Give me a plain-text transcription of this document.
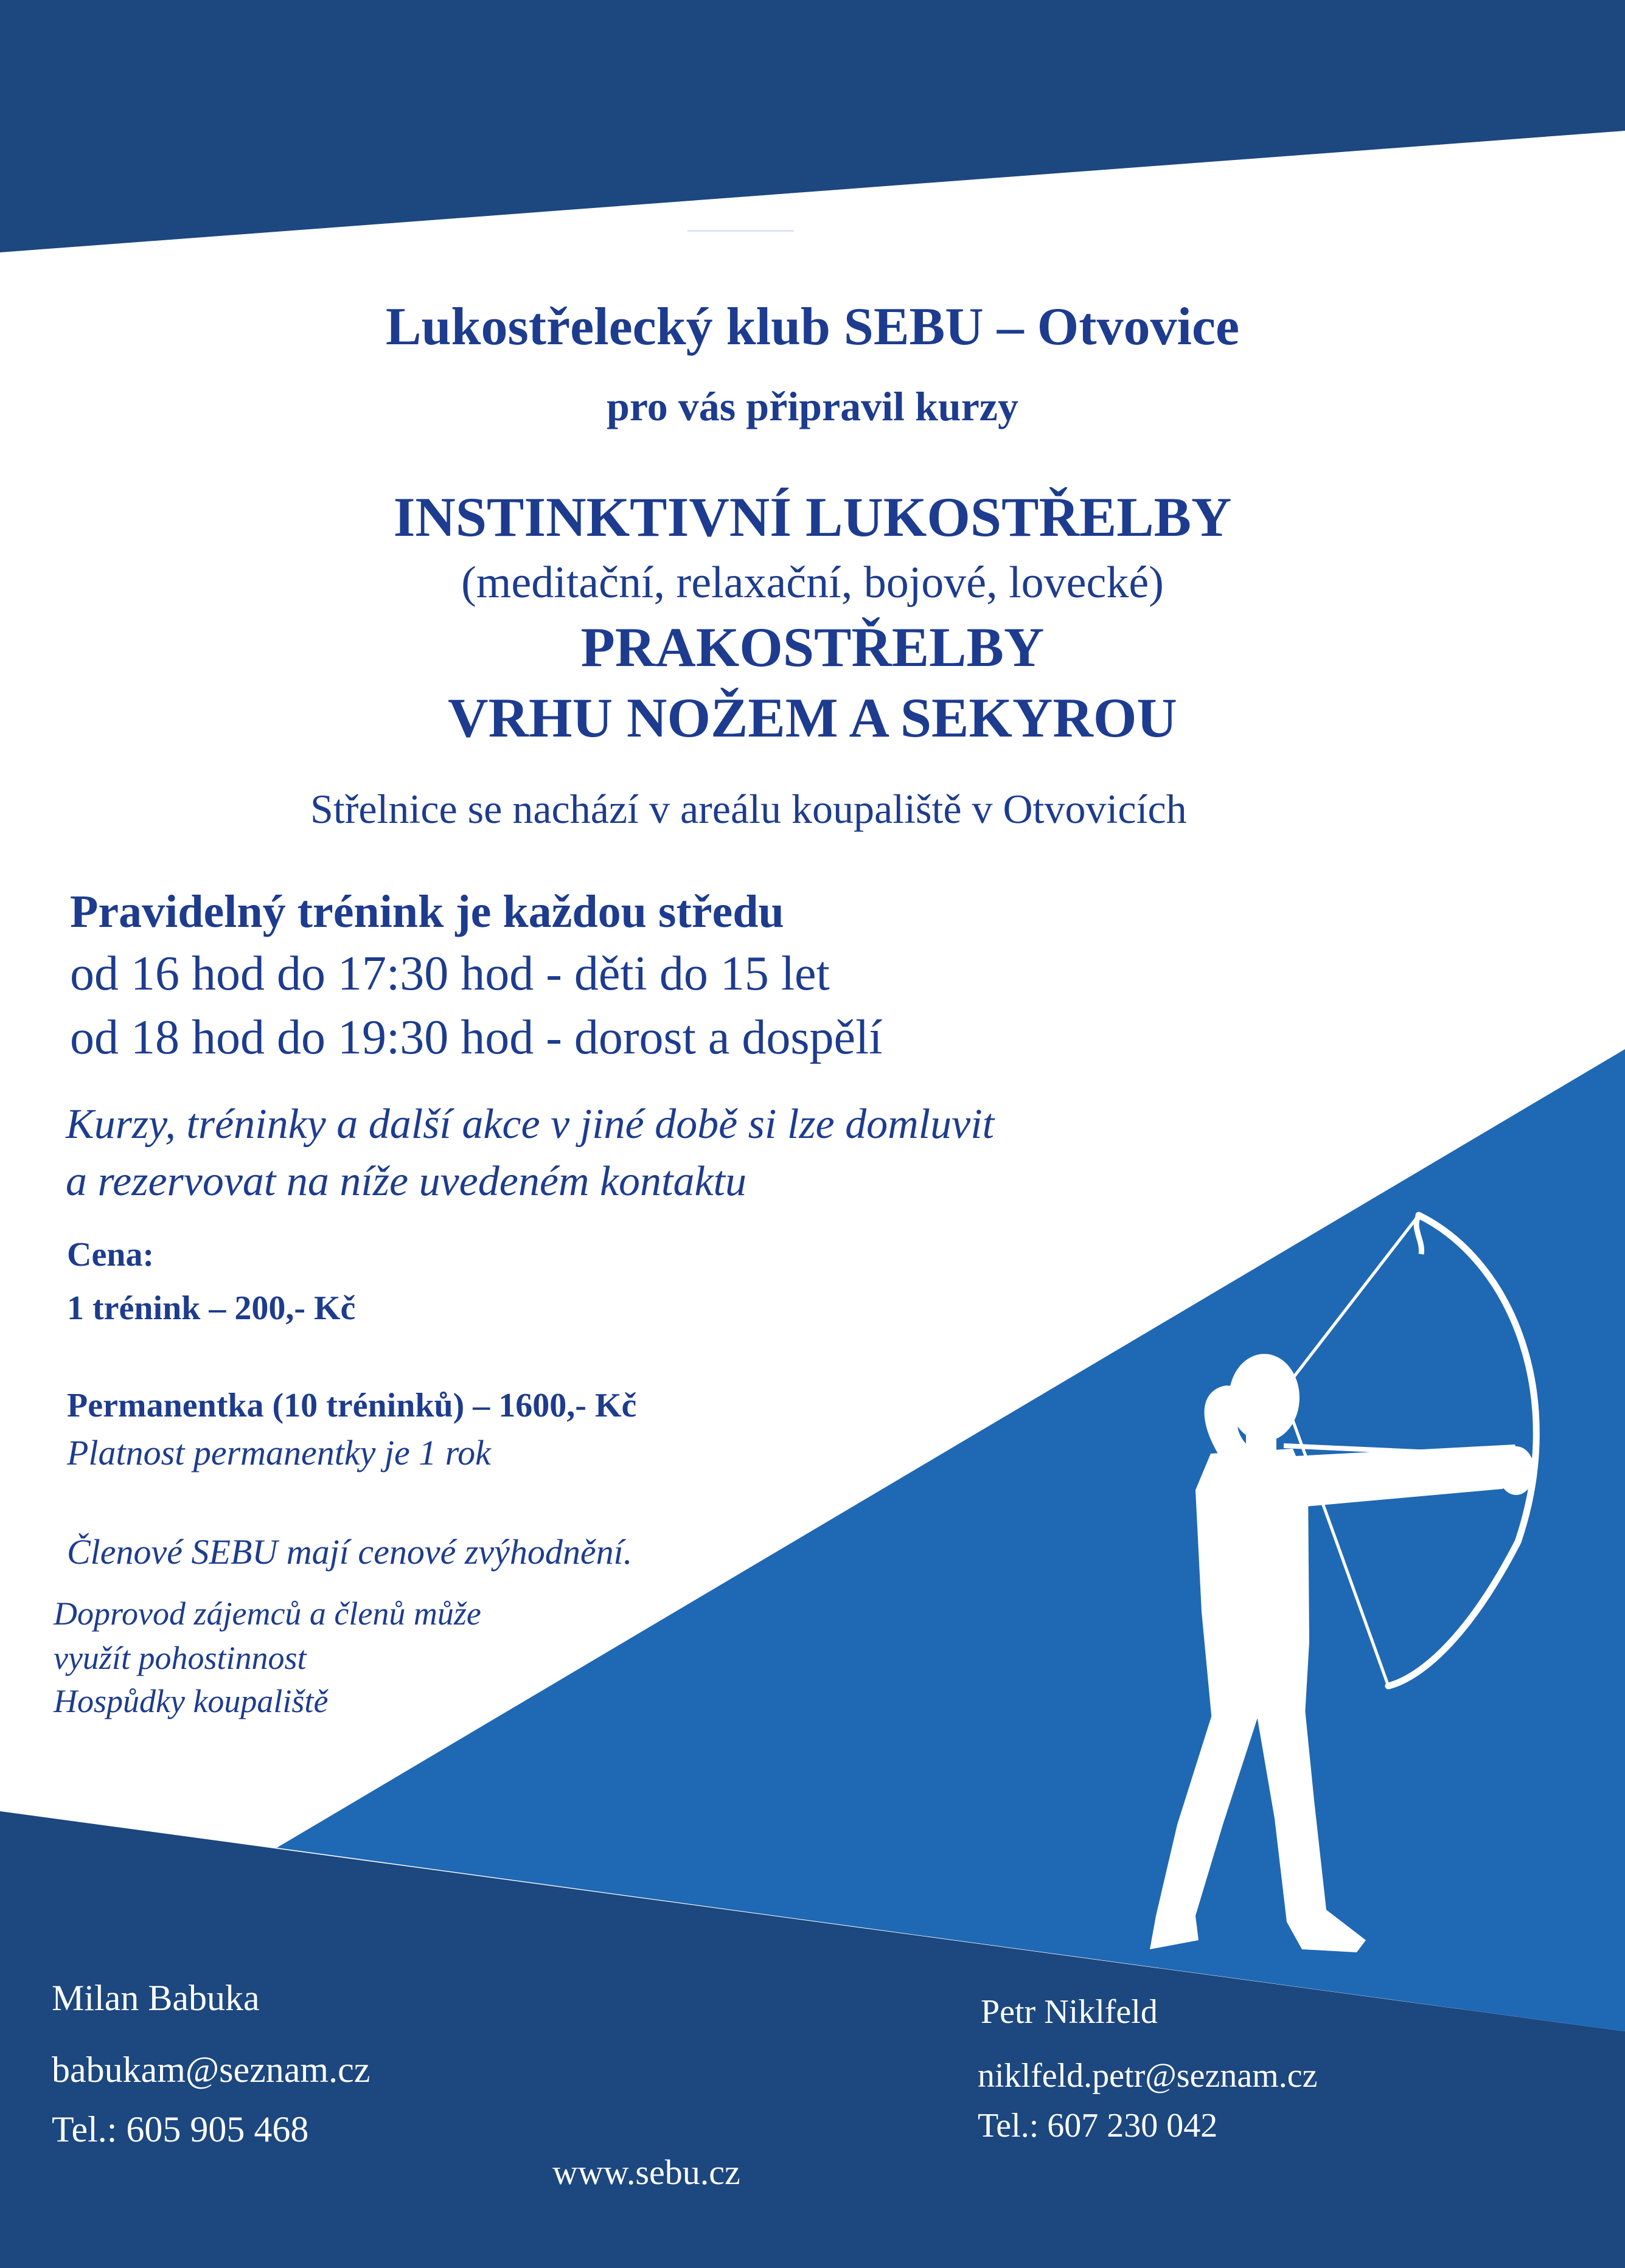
Lukostřelecký klub SEBU – Otvovice

pro vás připravil kurzy

INSTINKTIVNÍ LUKOSTŘELBY

(meditační, relaxační, bojové, lovecké)

PRAKOSTŘELBY
VRHU NOŽEM A SEKYROU

Střelnice se nachází v areálu koupaliště v Otvovicích

Pravidelný trénink je každou středu

od 16 hod do 17:30 hod - děti do 15 let

od 18 hod do 19:30 hod - dorost a dospělí

Kurzy, tréninky a další akce v jiné době si lze domluvit

a rezervovat na níže uvedeném kontaktu

Cena:

1 trénink – 200,- Kč

Permanentka (10 tréninků) – 1600,- Kč

Platnost permanentky je 1 rok

Členové SEBU mají cenové zvýhodnění.

Doprovod zájemců a členů může

využít pohostinnost

Hospůdky koupaliště

Milan Babuka

babukam@seznam.cz

Tel.: 605 905 468

Petr Niklfeld

niklfeld.petr@seznam.cz

Tel.: 607 230 042

www.sebu.cz
